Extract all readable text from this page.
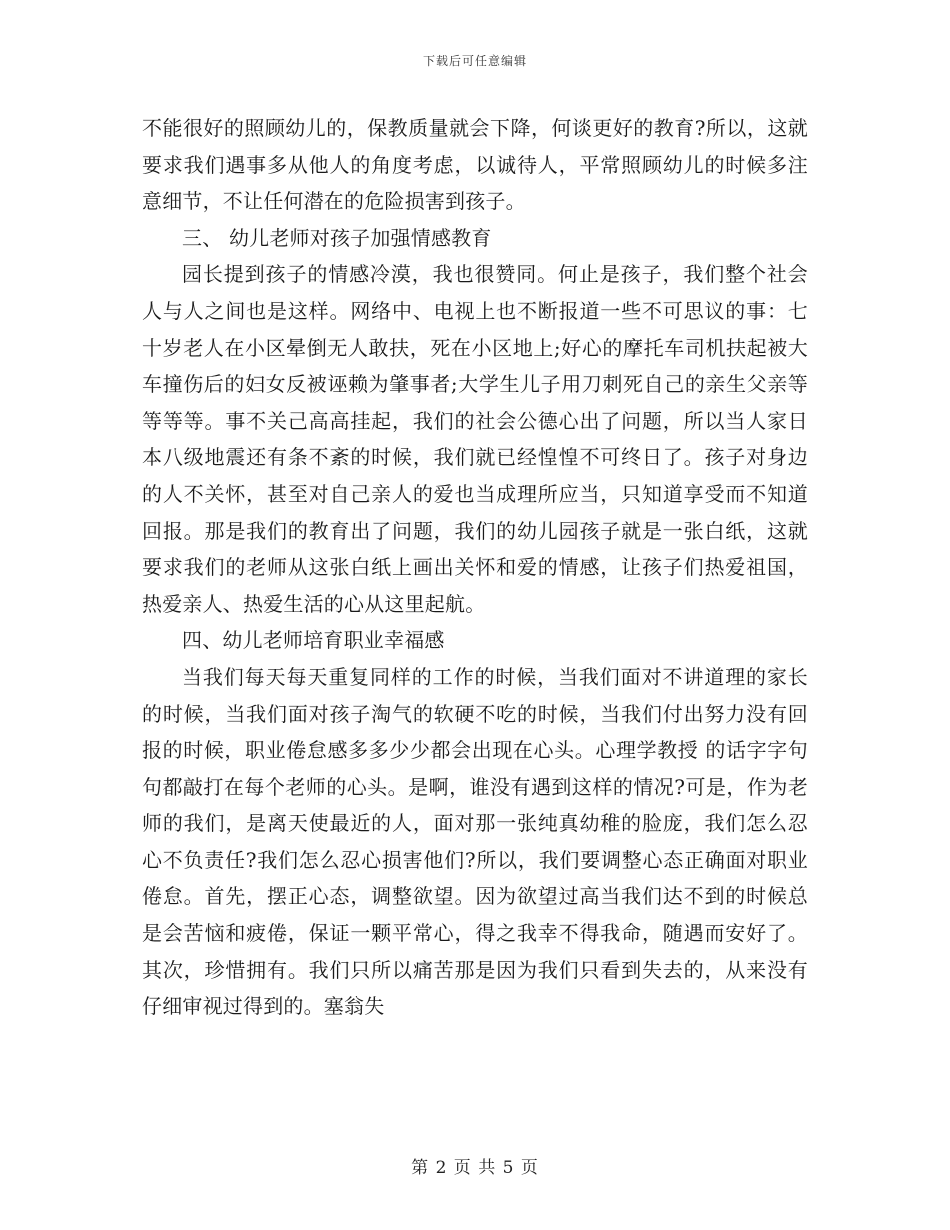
下载后可任意编辑

不能很好的照顾幼儿的，保教质量就会下降，何谈更好的教育?所以，这就要求我们遇事多从他人的角度考虑，以诚待人，平常照顾幼儿的时候多注意细节，不让任何潜在的危险损害到孩子。

三、 幼儿老师对孩子加强情感教育

园长提到孩子的情感冷漠，我也很赞同。何止是孩子，我们整个社会人与人之间也是这样。网络中、电视上也不断报道一些不可思议的事：七十岁老人在小区晕倒无人敢扶，死在小区地上;好心的摩托车司机扶起被大车撞伤后的妇女反被诬赖为肇事者;大学生儿子用刀刺死自己的亲生父亲等等等等。事不关己高高挂起，我们的社会公德心出了问题，所以当人家日本八级地震还有条不紊的时候，我们就已经惶惶不可终日了。孩子对身边的人不关怀，甚至对自己亲人的爱也当成理所应当，只知道享受而不知道回报。那是我们的教育出了问题，我们的幼儿园孩子就是一张白纸，这就要求我们的老师从这张白纸上画出关怀和爱的情感，让孩子们热爱祖国，热爱亲人、热爱生活的心从这里起航。

四、幼儿老师培育职业幸福感

当我们每天每天重复同样的工作的时候，当我们面对不讲道理的家长的时候，当我们面对孩子淘气的软硬不吃的时候，当我们付出努力没有回报的时候，职业倦怠感多多少少都会出现在心头。心理学教授 的话字字句句都敲打在每个老师的心头。是啊，谁没有遇到这样的情况?可是，作为老师的我们，是离天使最近的人，面对那一张纯真幼稚的脸庞，我们怎么忍心不负责任?我们怎么忍心损害他们?所以，我们要调整心态正确面对职业倦怠。首先，摆正心态，调整欲望。因为欲望过高当我们达不到的时候总是会苦恼和疲倦，保证一颗平常心，得之我幸不得我命，随遇而安好了。其次，珍惜拥有。我们只所以痛苦那是因为我们只看到失去的，从来没有仔细审视过得到的。塞翁失

第 2 页 共 5 页
